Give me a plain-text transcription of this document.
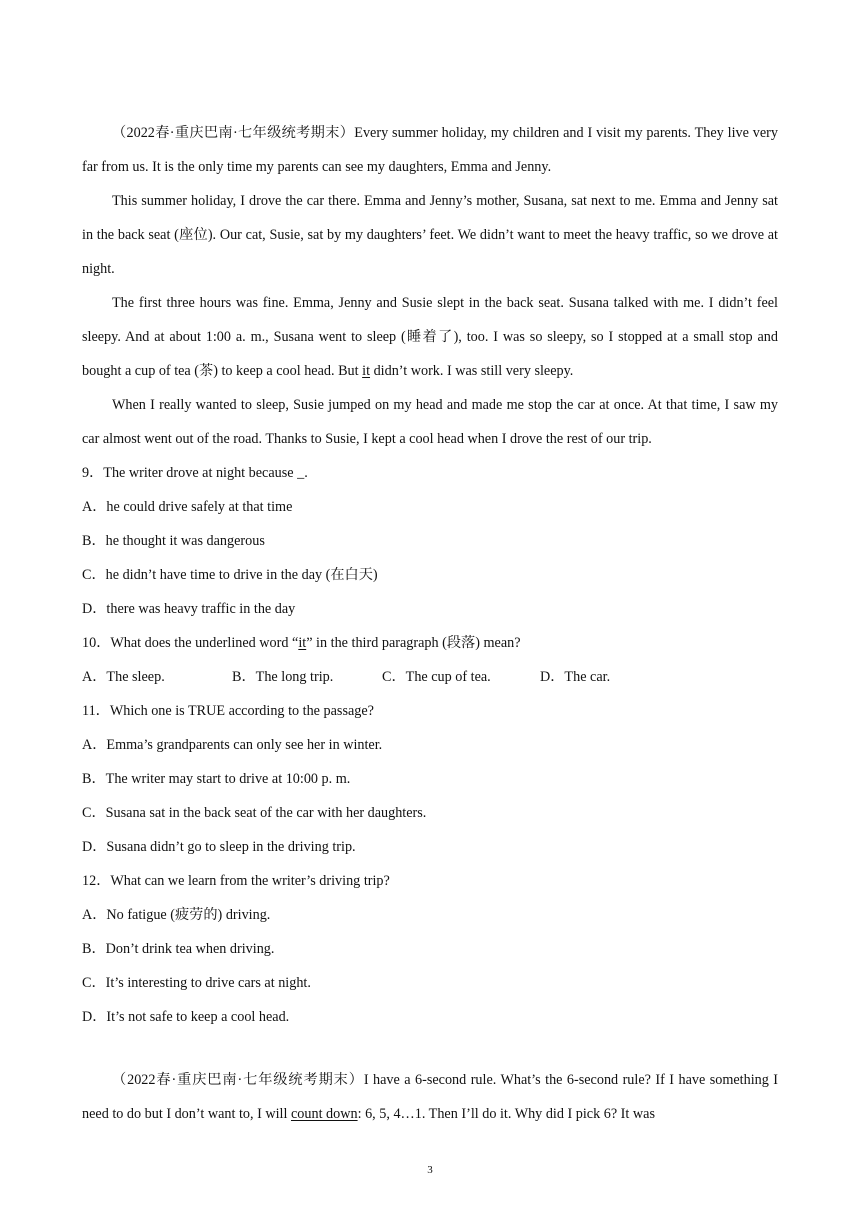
（2022春·重庆巴南·七年级统考期末）Every summer holiday, my children and I visit my parents. They live very far from us. It is the only time my parents can see my daughters, Emma and Jenny.

This summer holiday, I drove the car there. Emma and Jenny’s mother, Susana, sat next to me. Emma and Jenny sat in the back seat (座位). Our cat, Susie, sat by my daughters’ feet. We didn’t want to meet the heavy traffic, so we drove at night.

The first three hours was fine. Emma, Jenny and Susie slept in the back seat. Susana talked with me. I didn’t feel sleepy. And at about 1:00 a. m., Susana went to sleep (睡着了), too. I was so sleepy, so I stopped at a small stop and bought a cup of tea (茶) to keep a cool head. But it didn’t work. I was still very sleepy.

When I really wanted to sleep, Susie jumped on my head and made me stop the car at once. At that time, I saw my car almost went out of the road. Thanks to Susie, I kept a cool head when I drove the rest of our trip.

9．The writer drove at night because _.

A．he could drive safely at that time

B．he thought it was dangerous

C．he didn’t have time to drive in the day (在白天)

D．there was heavy traffic in the day

10．What does the underlined word “it” in the third paragraph (段落) mean?

A．The sleep.	B．The long trip.	C．The cup of tea.	D．The car.

11．Which one is TRUE according to the passage?

A．Emma’s grandparents can only see her in winter.

B．The writer may start to drive at 10:00 p. m.

C．Susana sat in the back seat of the car with her daughters.

D．Susana didn’t go to sleep in the driving trip.

12．What can we learn from the writer’s driving trip?

A．No fatigue (疲劳的) driving.

B．Don’t drink tea when driving.

C．It’s interesting to drive cars at night.

D．It’s not safe to keep a cool head.

（2022春·重庆巴南·七年级统考期末）I have a 6-second rule. What’s the 6-second rule? If I have something I need to do but I don’t want to, I will count down: 6, 5, 4…1. Then I’ll do it. Why did I pick 6? It was

3
